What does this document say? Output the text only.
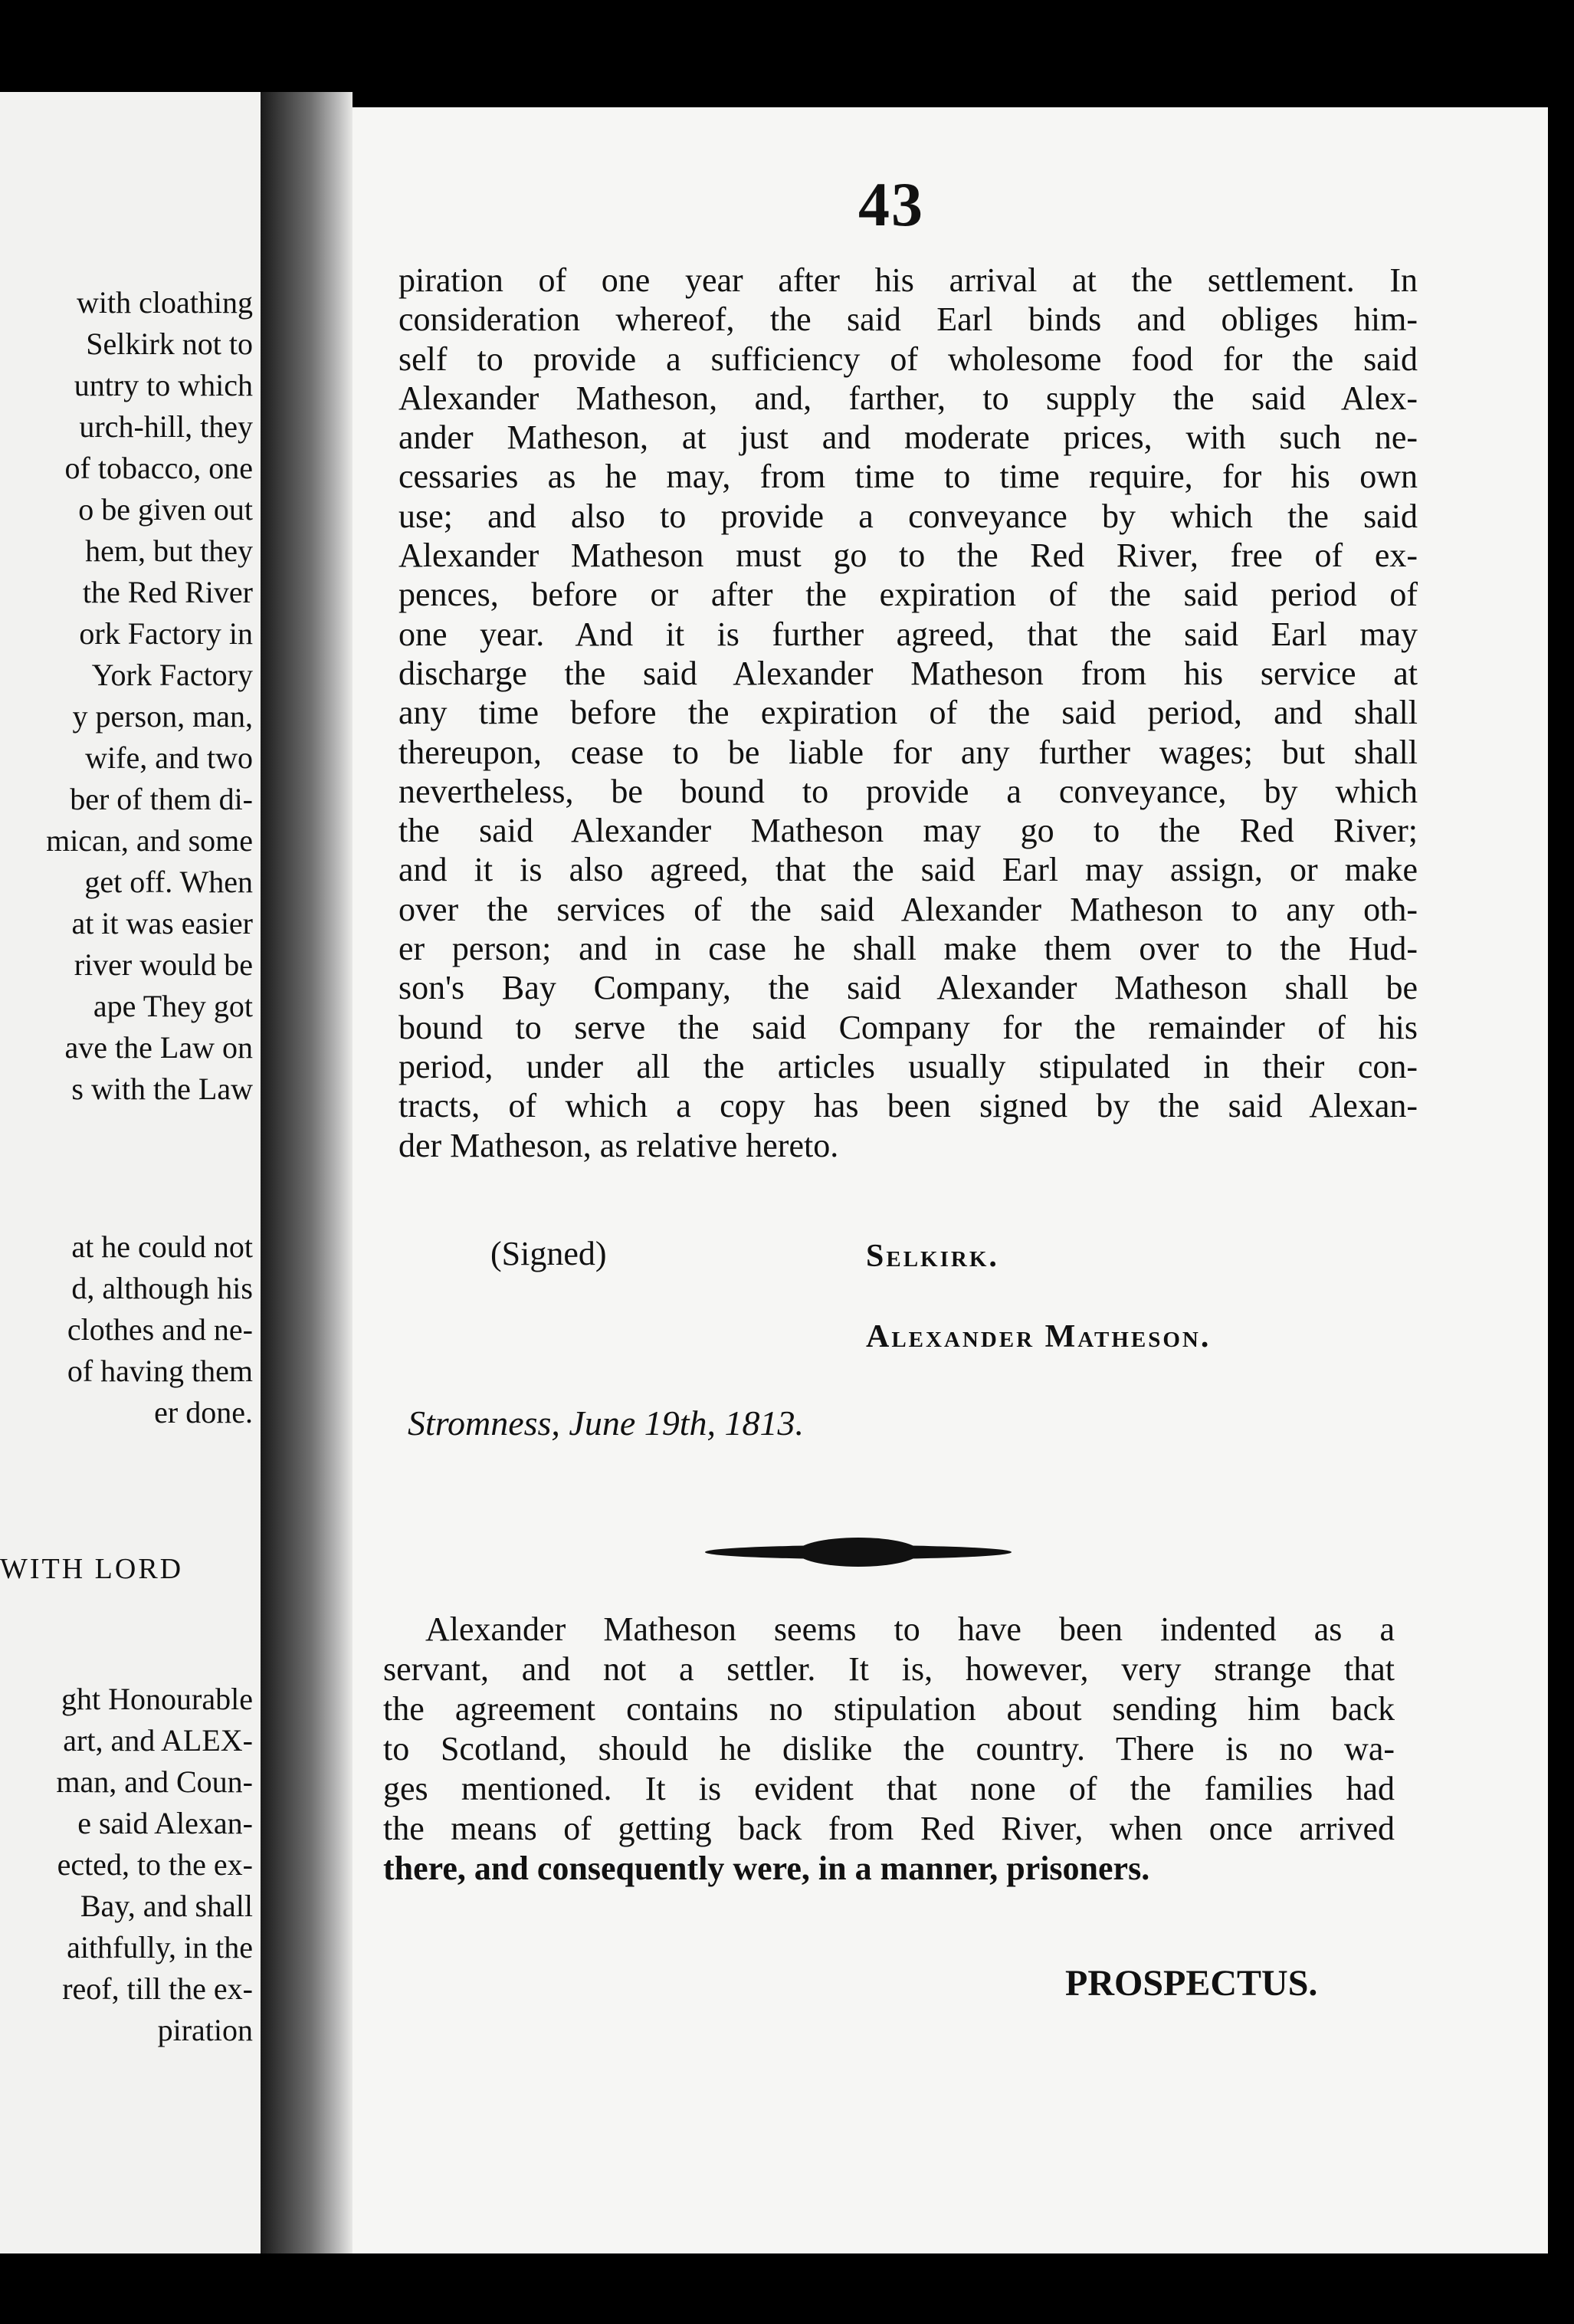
with cloathing
Selkirk not to
untry to which
urch-hill, they
of tobacco, one
o be given out
hem, but they
the Red River
ork Factory in
York Factory
y person, man,
wife, and two
ber of them di-
mican, and some
get off. When
at it was easier
river would be
ape They got
ave the Law on
s with the Law
at he could not
d, although his
clothes and ne-
of having them
er done.
WITH LORD
ght Honourable
art, and ALEX-
man, and Coun-
e said Alexan-
ected, to the ex-
Bay, and shall
aithfully, in the
reof, till the ex-
piration
43
piration of one year after his arrival at the settlement. In
consideration whereof, the said Earl binds and obliges him-
self to provide a sufficiency of wholesome food for the said
Alexander Matheson, and, farther, to supply the said Alex-
ander Matheson, at just and moderate prices, with such ne-
cessaries as he may, from time to time require, for his own
use; and also to provide a conveyance by which the said
Alexander Matheson must go to the Red River, free of ex-
pences, before or after the expiration of the said period of
one year. And it is further agreed, that the said Earl may
discharge the said Alexander Matheson from his service at
any time before the expiration of the said period, and shall
thereupon, cease to be liable for any further wages; but shall
nevertheless, be bound to provide a conveyance, by which
the said Alexander Matheson may go to the Red River;
and it is also agreed, that the said Earl may assign, or make
over the services of the said Alexander Matheson to any oth-
er person; and in case he shall make them over to the Hud-
son's Bay Company, the said Alexander Matheson shall be
bound to serve the said Company for the remainder of his
period, under all the articles usually stipulated in their con-
tracts, of which a copy has been signed by the said Alexan-
der Matheson, as relative hereto.
(Signed)	Selkirk.
Alexander Matheson.
Stromness, June 19th, 1813.
Alexander Matheson seems to have been indented as a
servant, and not a settler. It is, however, very strange that
the agreement contains no stipulation about sending him back
to Scotland, should he dislike the country. There is no wa-
ges mentioned. It is evident that none of the families had
the means of getting back from Red River, when once arrived
there, and consequently were, in a manner, prisoners.
PROSPECTUS.
